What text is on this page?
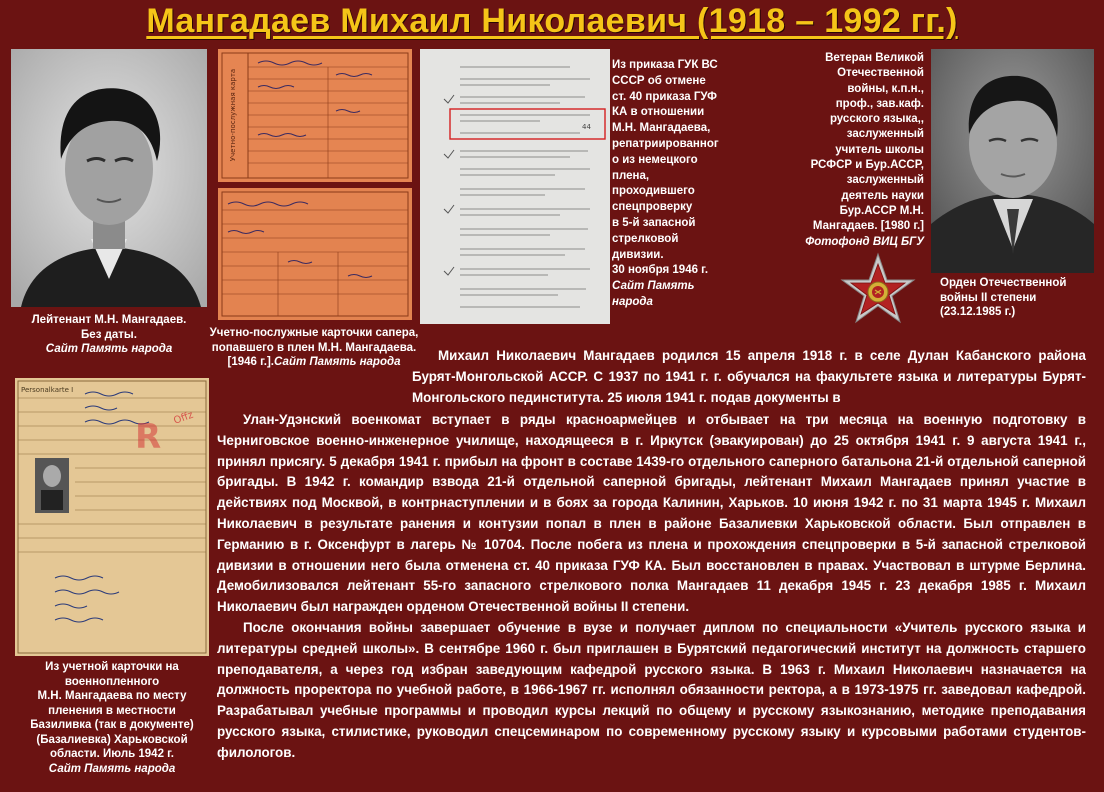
Мангадаев Михаил Николаевич (1918 – 1992 гг.)
Лейтенант М.Н. Мангадаев.
Без даты.
Сайт Память народа
Учетно-послужная карта
Учетно-послужные карточки сапера,
попавшего в плен М.Н. Мангадаева.
[1946 г.].Сайт Память народа
44
Из приказа ГУК ВС
СССР об отмене
ст. 40 приказа ГУФ
КА в отношении
М.Н. Мангадаева,
репатриированног
о из немецкого
плена,
проходившего
спецпроверку
в 5-й запасной
стрелковой
дивизии.
30 ноября 1946 г.
Сайт Память
народа
Ветеран Великой
Отечественной
войны, к.п.н.,
проф., зав.каф.
русского языка,,
заслуженный
учитель школы
РСФСР и Бур.АССР,
заслуженный
деятель науки
Бур.АССР М.Н.
Мангадаев. [1980 г.]
Фотофонд ВИЦ БГУ
Орден Отечественной
войны II степени
(23.12.1985 г.)
Personalkarte I
R Offz
Из учетной карточки на
военнопленного
М.Н. Мангадаева по месту
пленения в местности
Базиливка (так в документе)
(Базалиевка) Харьковской
области. Июль 1942 г.
Сайт Память народа

Михаил Николаевич Мангадаев родился 15 апреля 1918 г. в селе Дулан Кабанского района Бурят-Монгольской АССР. С 1937 по 1941 г. г. обучался на факультете языка и литературы Бурят-Монгольского пединститута. 25 июля 1941 г. подав документы в

Улан-Удэнский военкомат вступает в ряды красноармейцев и отбывает на три месяца на военную подготовку в Черниговское военно-инженерное училище, находящееся в г. Иркутск (эвакуирован) до 25 октября 1941 г. 9 августа 1941 г., принял присягу. 5 декабря 1941 г. прибыл на фронт в составе 1439-го отдельного саперного батальона 21-й отдельной саперной бригады. В 1942 г. командир взвода 21-й отдельной саперной бригады, лейтенант Михаил Мангадаев принял участие в действиях под Москвой, в контрнаступлении и в боях за города Калинин, Харьков. 10 июня 1942 г. по 31 марта 1945 г. Михаил Николаевич в результате ранения и контузии попал в плен в районе Базалиевки Харьковской области. Был отправлен в Германию в г. Оксенфурт в лагерь № 10704. После побега из плена и прохождения спецпроверки в 5-й запасной стрелковой дивизии в отношении него была отменена ст. 40 приказа ГУФ КА. Был восстановлен в правах. Участвовал в штурме Берлина. Демобилизовался лейтенант 55-го запасного стрелкового полка Мангадаев 11 декабря 1945 г. 23 декабря 1985 г. Михаил Николаевич был награжден орденом Отечественной войны II степени.

После окончания войны завершает обучение в вузе и получает диплом по специальности «Учитель русского языка и литературы средней школы». В сентябре 1960 г. был приглашен в Бурятский педагогический институт на должность старшего преподавателя, а через год избран заведующим кафедрой русского языка. В 1963 г. Михаил Николаевич назначается на должность проректора по учебной работе, в 1966-1967 гг. исполнял обязанности ректора, а в 1973-1975 гг. заведовал кафедрой. Разрабатывал учебные программы и проводил курсы лекций по общему и русскому языкознанию, методике преподавания русского языка, стилистике, руководил спецсеминаром по современному русскому языку и курсовыми работами студентов-филологов.
